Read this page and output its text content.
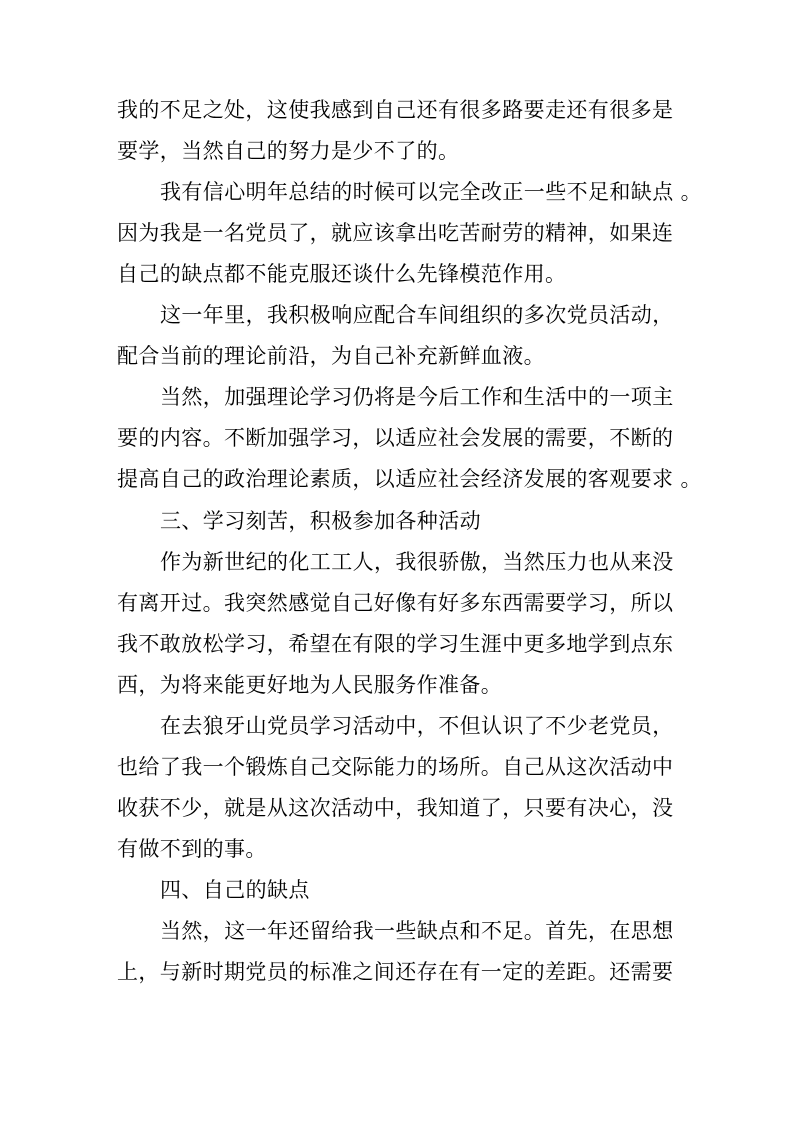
我的不足之处，这使我感到自己还有很多路要走还有很多是
要学，当然自己的努力是少不了的。
我有信心明年总结的时候可以完全改正一些不足和缺点 。
因为我是一名党员了，就应该拿出吃苦耐劳的精神，如果连
自己的缺点都不能克服还谈什么先锋模范作用。
这一年里，我积极响应配合车间组织的多次党员活动，
配合当前的理论前沿，为自己补充新鲜血液。
当然，加强理论学习仍将是今后工作和生活中的一项主
要的内容。不断加强学习，以适应社会发展的需要，不断的
提高自己的政治理论素质，以适应社会经济发展的客观要求 。
三、学习刻苦，积极参加各种活动
作为新世纪的化工工人，我很骄傲，当然压力也从来没
有离开过。我突然感觉自己好像有好多东西需要学习，所以
我不敢放松学习，希望在有限的学习生涯中更多地学到点东
西，为将来能更好地为人民服务作准备。
在去狼牙山党员学习活动中，不但认识了不少老党员，
也给了我一个锻炼自己交际能力的场所。自己从这次活动中
收获不少，就是从这次活动中，我知道了，只要有决心，没
有做不到的事。
四、自己的缺点
当然，这一年还留给我一些缺点和不足。首先，在思想
上，与新时期党员的标准之间还存在有一定的差距。还需要
